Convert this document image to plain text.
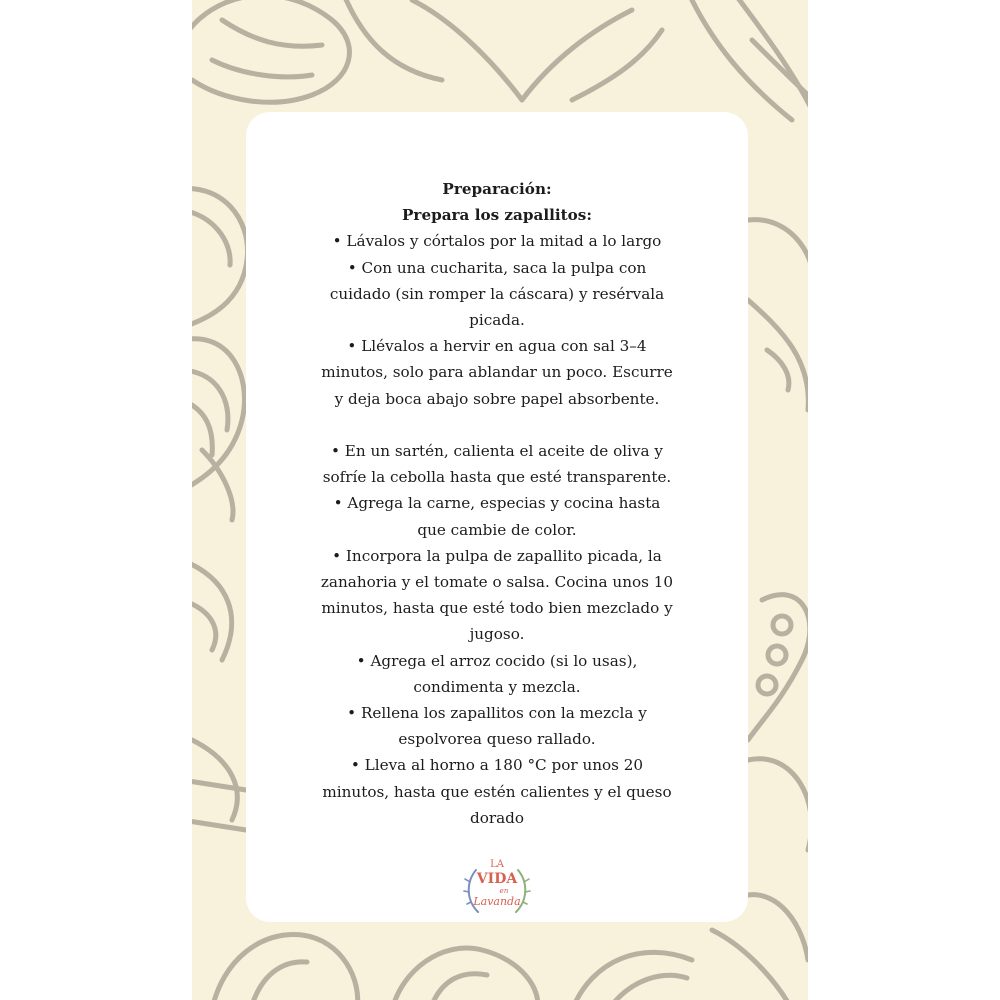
Preparación:
Prepara los zapallitos:
• Lávalos y córtalos por la mitad a lo largo
• Con una cucharita, saca la pulpa con
cuidado (sin romper la cáscara) y resérvala
picada.
• Llévalos a hervir en agua con sal 3–4
minutos, solo para ablandar un poco. Escurre
y deja boca abajo sobre papel absorbente.
• En un sartén, calienta el aceite de oliva y
sofríe la cebolla hasta que esté transparente.
• Agrega la carne, especias y cocina hasta
que cambie de color.
• Incorpora la pulpa de zapallito picada, la
zanahoria y el tomate o salsa. Cocina unos 10
minutos, hasta que esté todo bien mezclado y
jugoso.
• Agrega el arroz cocido (si lo usas),
condimenta y mezcla.
• Rellena los zapallitos con la mezcla y
espolvorea queso rallado.
• Lleva al horno a 180 °C por unos 20
minutos, hasta que estén calientes y el queso
dorado
LA
VIDA
en
Lavanda
